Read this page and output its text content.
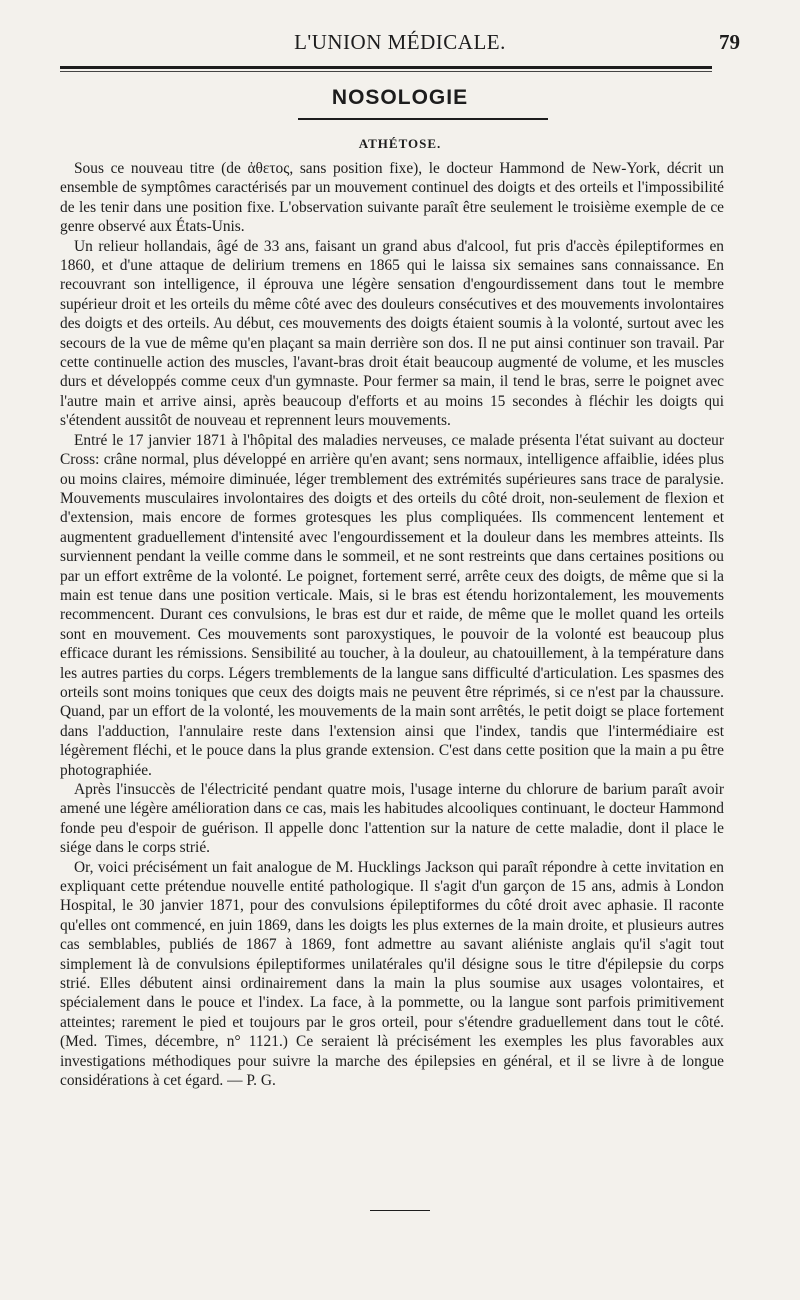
L'UNION MÉDICALE.	79
NOSOLOGIE
ATHÉTOSE.

Sous ce nouveau titre (de ἀθετος, sans position fixe), le docteur Hammond de New-York, décrit un ensemble de symptômes caractérisés par un mouvement continuel des doigts et des orteils et l'impossibilité de les tenir dans une position fixe. L'observation suivante paraît être seulement le troisième exemple de ce genre observé aux États-Unis.

Un relieur hollandais, âgé de 33 ans, faisant un grand abus d'alcool, fut pris d'accès épileptiformes en 1860, et d'une attaque de delirium tremens en 1865 qui le laissa six semaines sans connaissance. En recouvrant son intelligence, il éprouva une légère sensation d'engourdissement dans tout le membre supérieur droit et les orteils du même côté avec des douleurs consécutives et des mouvements involontaires des doigts et des orteils. Au début, ces mouvements des doigts étaient soumis à la volonté, surtout avec les secours de la vue de même qu'en plaçant sa main derrière son dos. Il ne put ainsi continuer son travail. Par cette continuelle action des muscles, l'avant-bras droit était beaucoup augmenté de volume, et les muscles durs et développés comme ceux d'un gymnaste. Pour fermer sa main, il tend le bras, serre le poignet avec l'autre main et arrive ainsi, après beaucoup d'efforts et au moins 15 secondes à fléchir les doigts qui s'étendent aussitôt de nouveau et reprennent leurs mouvements.

Entré le 17 janvier 1871 à l'hôpital des maladies nerveuses, ce malade présenta l'état suivant au docteur Cross: crâne normal, plus développé en arrière qu'en avant; sens normaux, intelligence affaiblie, idées plus ou moins claires, mémoire diminuée, léger tremblement des extrémités supérieures sans trace de paralysie. Mouvements musculaires involontaires des doigts et des orteils du côté droit, non-seulement de flexion et d'extension, mais encore de formes grotesques les plus compliquées. Ils commencent lentement et augmentent graduellement d'intensité avec l'engourdissement et la douleur dans les membres atteints. Ils surviennent pendant la veille comme dans le sommeil, et ne sont restreints que dans certaines positions ou par un effort extrême de la volonté. Le poignet, fortement serré, arrête ceux des doigts, de même que si la main est tenue dans une position verticale. Mais, si le bras est étendu horizontalement, les mouvements recommencent. Durant ces convulsions, le bras est dur et raide, de même que le mollet quand les orteils sont en mouvement. Ces mouvements sont paroxystiques, le pouvoir de la volonté est beaucoup plus efficace durant les rémissions. Sensibilité au toucher, à la douleur, au chatouillement, à la température dans les autres parties du corps. Légers tremblements de la langue sans difficulté d'articulation. Les spasmes des orteils sont moins toniques que ceux des doigts mais ne peuvent être réprimés, si ce n'est par la chaussure. Quand, par un effort de la volonté, les mouvements de la main sont arrêtés, le petit doigt se place fortement dans l'adduction, l'annulaire reste dans l'extension ainsi que l'index, tandis que l'intermédiaire est légèrement fléchi, et le pouce dans la plus grande extension. C'est dans cette position que la main a pu être photographiée.

Après l'insuccès de l'électricité pendant quatre mois, l'usage interne du chlorure de barium paraît avoir amené une légère amélioration dans ce cas, mais les habitudes alcooliques continuant, le docteur Hammond fonde peu d'espoir de guérison. Il appelle donc l'attention sur la nature de cette maladie, dont il place le siége dans le corps strié.

Or, voici précisément un fait analogue de M. Hucklings Jackson qui paraît répondre à cette invitation en expliquant cette prétendue nouvelle entité pathologique. Il s'agit d'un garçon de 15 ans, admis à London Hospital, le 30 janvier 1871, pour des convulsions épileptiformes du côté droit avec aphasie. Il raconte qu'elles ont commencé, en juin 1869, dans les doigts les plus externes de la main droite, et plusieurs autres cas semblables, publiés de 1867 à 1869, font admettre au savant aliéniste anglais qu'il s'agit tout simplement là de convulsions épileptiformes unilatérales qu'il désigne sous le titre d'épilepsie du corps strié. Elles débutent ainsi ordinairement dans la main la plus soumise aux usages volontaires, et spécialement dans le pouce et l'index. La face, à la pommette, ou la langue sont parfois primitivement atteintes; rarement le pied et toujours par le gros orteil, pour s'étendre graduellement dans tout le côté. (Med. Times, décembre, n° 1121.) Ce seraient là précisément les exemples les plus favorables aux investigations méthodiques pour suivre la marche des épilepsies en général, et il se livre à de longue considérations à cet égard. — P. G.
